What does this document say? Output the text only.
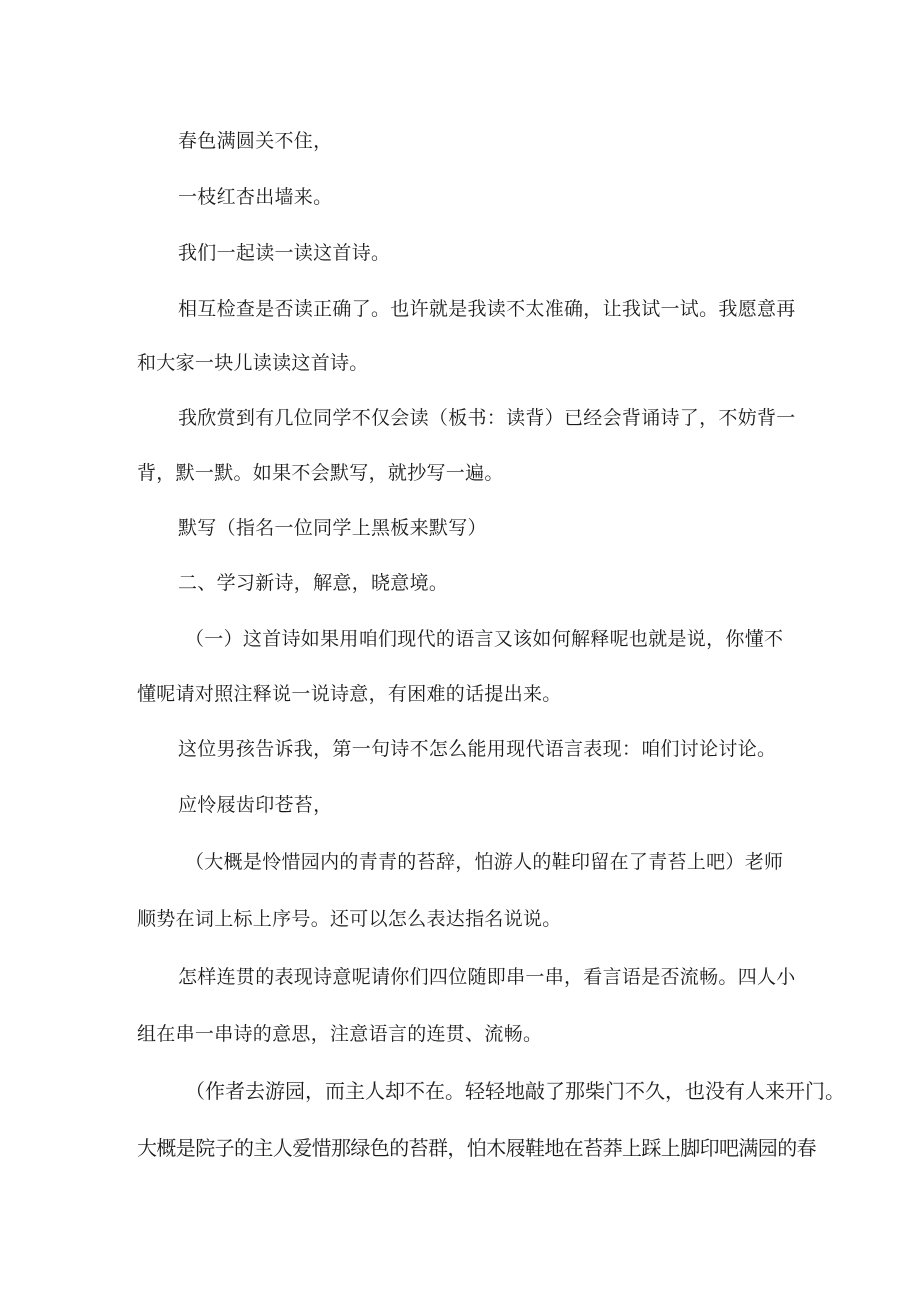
春色满圆关不住，
一枝红杏出墙来。
我们一起读一读这首诗。
相互检查是否读正确了。也许就是我读不太准确，让我试一试。我愿意再
和大家一块儿读读这首诗。
我欣赏到有几位同学不仅会读（板书：读背）已经会背诵诗了，不妨背一
背，默一默。如果不会默写，就抄写一遍。
默写（指名一位同学上黑板来默写）
二、学习新诗，解意，晓意境。
（一）这首诗如果用咱们现代的语言又该如何解释呢也就是说，你懂不
懂呢请对照注释说一说诗意，有困难的话提出来。
这位男孩告诉我，第一句诗不怎么能用现代语言表现：咱们讨论讨论。
应怜屐齿印苍苔，
（大概是怜惜园内的青青的苔辞，怕游人的鞋印留在了青苔上吧）老师
顺势在词上标上序号。还可以怎么表达指名说说。
怎样连贯的表现诗意呢请你们四位随即串一串，看言语是否流畅。四人小
组在串一串诗的意思，注意语言的连贯、流畅。
（作者去游园，而主人却不在。轻轻地敲了那柴门不久，也没有人来开门。
大概是院子的主人爱惜那绿色的苔群，怕木屐鞋地在苔莽上踩上脚印吧满园的春
